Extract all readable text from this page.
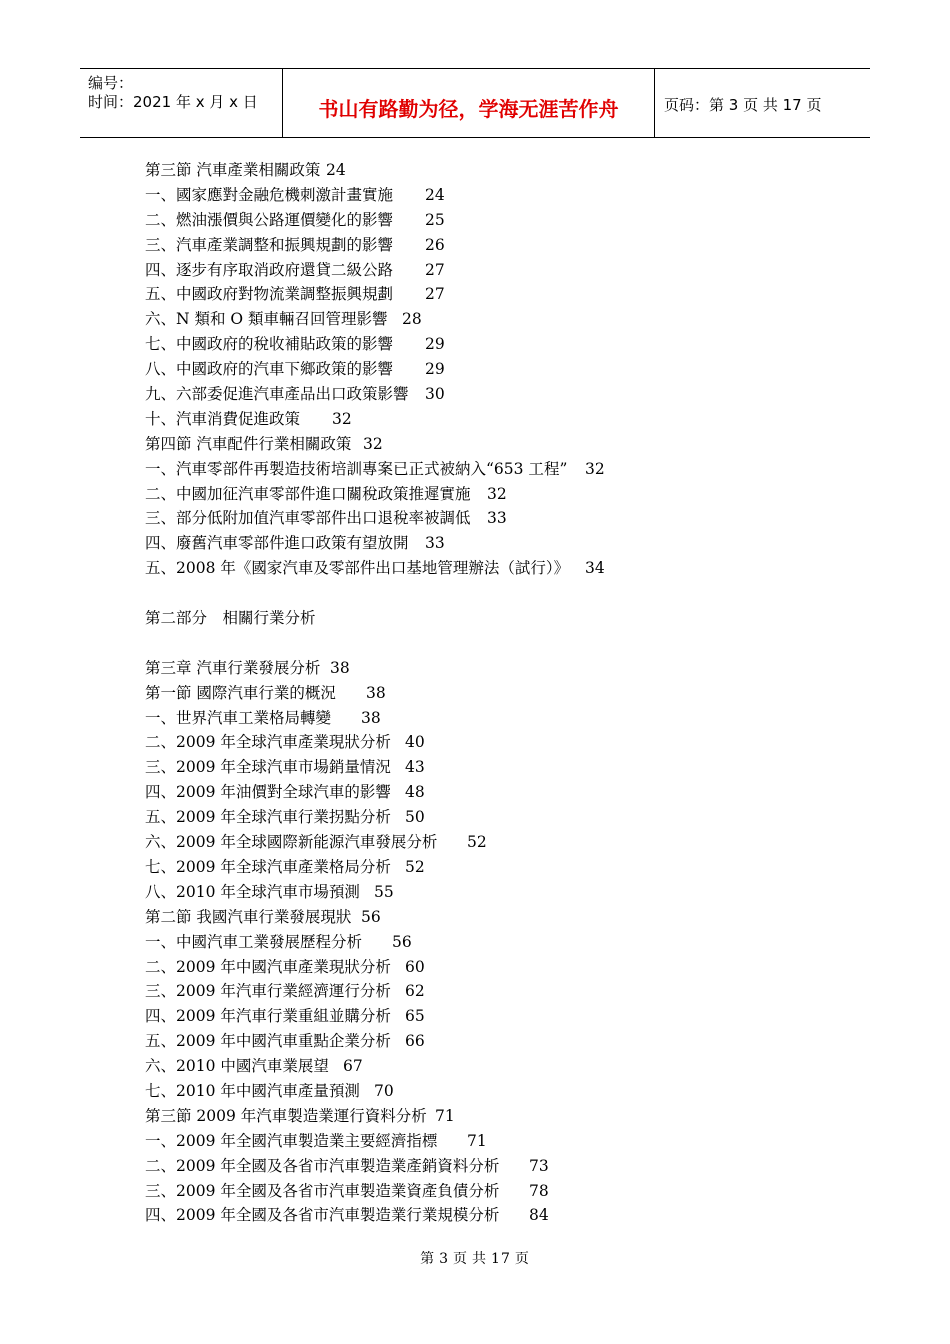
编号：
时间：2021 年 x 月 x 日	书山有路勤为径，学海无涯苦作舟	页码：第 3 页 共 17 页
第三節 汽車產業相關政策 24
一、國家應對金融危機刺激計畫實施 24
二、燃油漲價與公路運價變化的影響 25
三、汽車產業調整和振興規劃的影響 26
四、逐步有序取消政府還貸二級公路 27
五、中國政府對物流業調整振興規劃 27
六、N 類和 O 類車輛召回管理影響 28
七、中國政府的稅收補貼政策的影響 29
八、中國政府的汽車下鄉政策的影響 29
九、六部委促進汽車產品出口政策影響 30
十、汽車消費促進政策 32
第四節 汽車配件行業相關政策 32
一、汽車零部件再製造技術培訓專案已正式被納入“653 工程” 32
二、中國加征汽車零部件進口關稅政策推遲實施 32
三、部分低附加值汽車零部件出口退稅率被調低 33
四、廢舊汽車零部件進口政策有望放開 33
五、2008 年《國家汽車及零部件出口基地管理辦法（試行）》 34
第二部分　相關行業分析
第三章 汽車行業發展分析 38
第一節 國際汽車行業的概況 38
一、世界汽車工業格局轉變 38
二、2009 年全球汽車產業現狀分析 40
三、2009 年全球汽車市場銷量情況 43
四、2009 年油價對全球汽車的影響 48
五、2009 年全球汽車行業拐點分析 50
六、2009 年全球國際新能源汽車發展分析 52
七、2009 年全球汽車產業格局分析 52
八、2010 年全球汽車市場預測 55
第二節 我國汽車行業發展現狀 56
一、中國汽車工業發展歷程分析 56
二、2009 年中國汽車產業現狀分析 60
三、2009 年汽車行業經濟運行分析 62
四、2009 年汽車行業重組並購分析 65
五、2009 年中國汽車重點企業分析 66
六、2010 中國汽車業展望 67
七、2010 年中國汽車產量預測 70
第三節 2009 年汽車製造業運行資料分析 71
一、2009 年全國汽車製造業主要經濟指標 71
二、2009 年全國及各省市汽車製造業產銷資料分析 73
三、2009 年全國及各省市汽車製造業資產負債分析 78
四、2009 年全國及各省市汽車製造業行業規模分析 84
第 3 页 共 17 页
